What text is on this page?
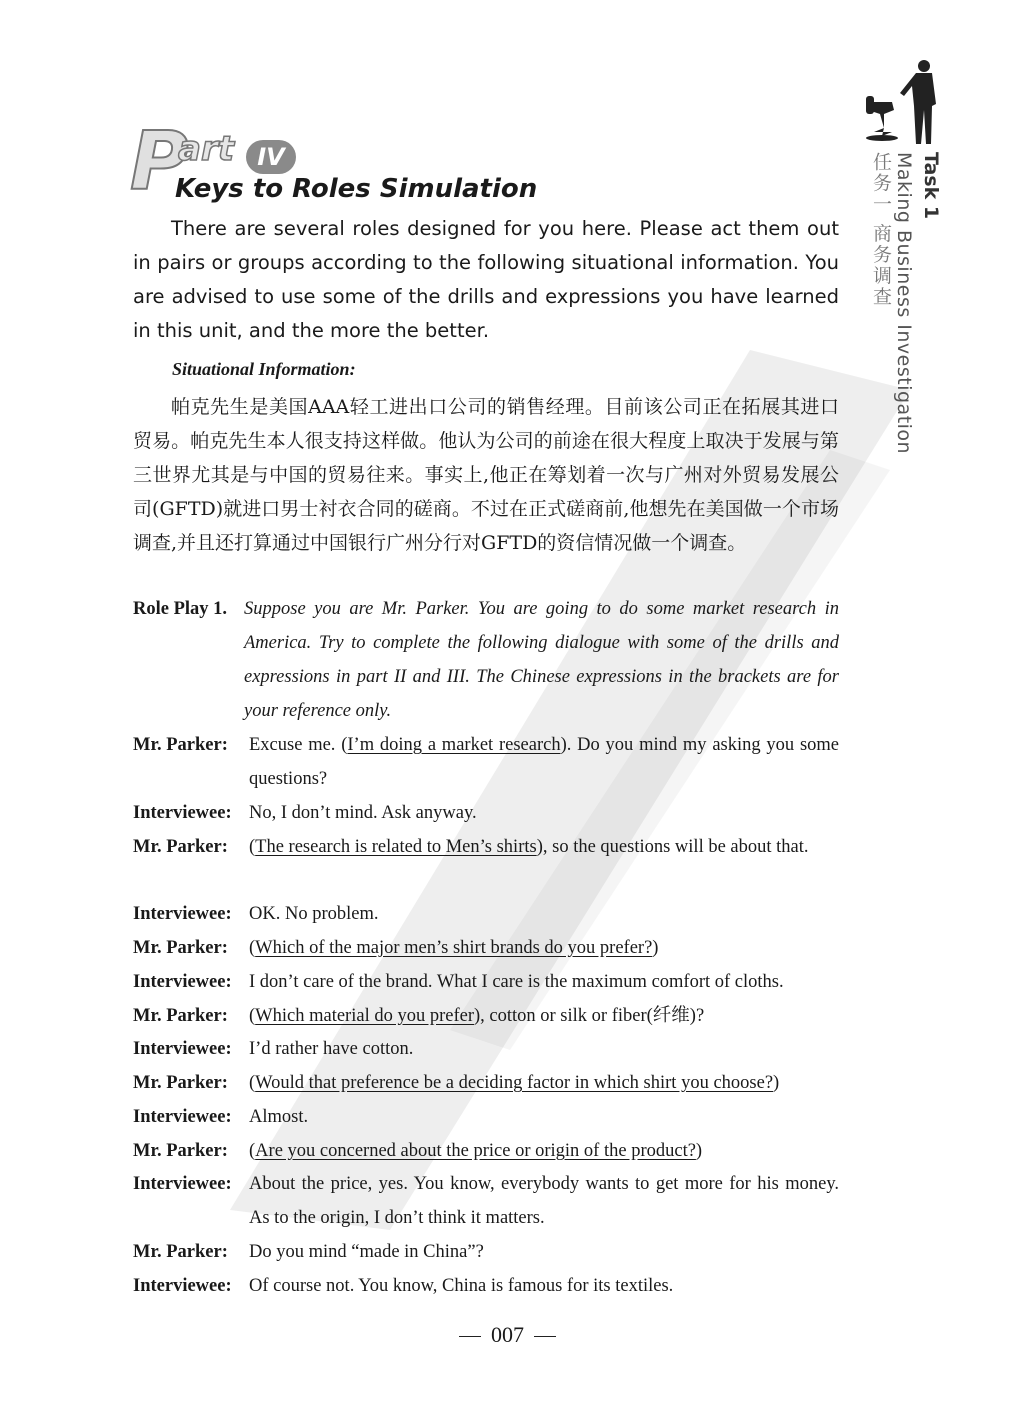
P
art IV
Keys to Roles Simulation	Task 1
Making Business Investigation
任务一 商务调查

There are several roles designed for you here. Please act them out in pairs or groups according to the following situational information. You are advised to use some of the drills and expressions you have learned in this unit, and the more the better.

Situational Information:

帕克先生是美国AAA轻工进出口公司的销售经理。目前该公司正在拓展其进口贸易。帕克先生本人很支持这样做。他认为公司的前途在很大程度上取决于发展与第三世界尤其是与中国的贸易往来。事实上,他正在筹划着一次与广州对外贸易发展公司(GFTD)就进口男士衬衣合同的磋商。不过在正式磋商前,他想先在美国做一个市场调查,并且还打算通过中国银行广州分行对GFTD的资信情况做一个调查。

Role Play 1. Suppose you are Mr. Parker. You are going to do some market research in America. Try to complete the following dialogue with some of the drills and expressions in part II and III. The Chinese expressions in the brackets are for your reference only.
Mr. Parker: Excuse me. (I’m doing a market research). Do you mind my asking you some questions?
Interviewee: No, I don’t mind. Ask anyway.
Mr. Parker: (The research is related to Men’s shirts), so the questions will be about that.
Interviewee: OK. No problem.
Mr. Parker: (Which of the major men’s shirt brands do you prefer?)
Interviewee: I don’t care of the brand. What I care is the maximum comfort of cloths.
Mr. Parker: (Which material do you prefer), cotton or silk or fiber(纤维)?
Interviewee: I’d rather have cotton.
Mr. Parker: (Would that preference be a deciding factor in which shirt you choose?)
Interviewee: Almost.
Mr. Parker: (Are you concerned about the price or origin of the product?)
Interviewee: About the price, yes. You know, everybody wants to get more for his money. As to the origin, I don’t think it matters.
Mr. Parker: Do you mind “made in China”?
Interviewee: Of course not. You know, China is famous for its textiles.
007
